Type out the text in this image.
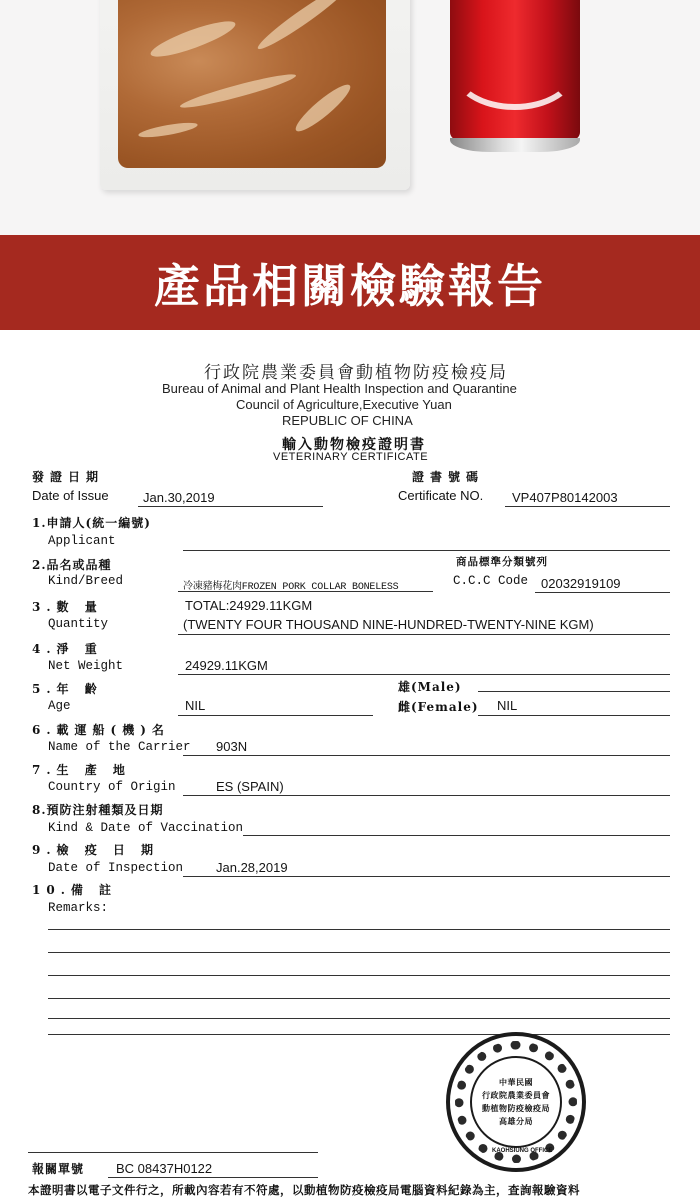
產品相關檢驗報告
行政院農業委員會動植物防疫檢疫局
Bureau of Animal and Plant Health Inspection and Quarantine
Council of Agriculture,Executive Yuan
REPUBLIC OF CHINA
輸入動物檢疫證明書
VETERINARY CERTIFICATE
發證日期
Date of Issue	Jan.30,2019
證書號碼
Certificate NO. VP407P80142003
1.申請人(統一編號)
Applicant
2.品名或品種	商品標準分類號列
Kind/Breed	冷凍豬梅花肉FROZEN PORK COLLAR BONELESS	C.C.C Code 02032919109
3.數 量	TOTAL:24929.11KGM
Quantity	(TWENTY FOUR THOUSAND NINE-HUNDRED-TWENTY-NINE KGM)
4.淨 重
Net Weight	24929.11KGM
5.年 齡	雄(Male)
Age	NIL	雌(Female) NIL
6.載運船(機)名
Name of the Carrier 903N
7.生 產 地
Country of Origin	ES (SPAIN)
8.預防注射種類及日期
Kind & Date of Vaccination
9.檢 疫 日 期
Date of Inspection	Jan.28,2019
10.備 註
Remarks:
中華民國
行政院農業委員會
動植物防疫檢疫局
高雄分局
KAOHSIUNG OFFICE
報關單號 BC 08437H0122
本證明書以電子文件行之，所載內容若有不符處，以動植物防疫檢疫局電腦資料紀錄為主，查詢報驗資料
